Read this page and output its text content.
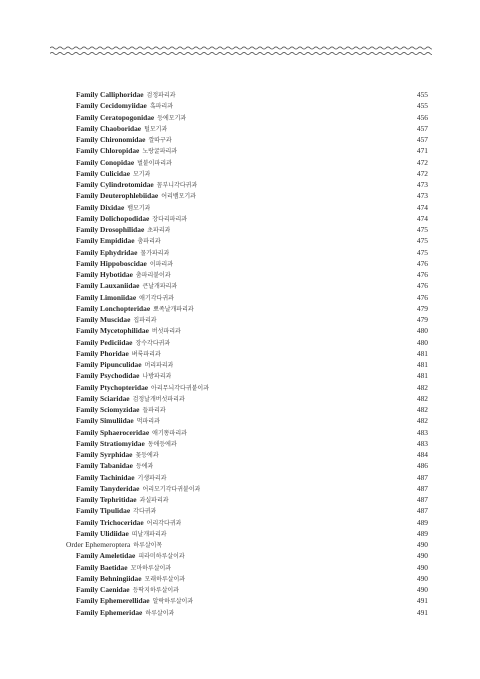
Family Calliphoridae 검정파리과	455
Family Cecidomyiidae 혹파리과	455
Family Ceratopogonidae 등에모기과	456
Family Chaoboridae 털모기과	457
Family Chironomidae 깔따구과	457
Family Chloropidae 노랑굴파리과	471
Family Conopidae 벌붙이파리과	472
Family Culicidae 모기과	472
Family Cylindrotomidae 꼼부니각다귀과	473
Family Deuterophlebiidae 어리뱀모기과	473
Family Dixidae 뱀모기과	474
Family Dolichopodidae 장다리파리과	474
Family Drosophilidae 초파리과	475
Family Empididae 춤파리과	475
Family Ephydridae 물가파리과	475
Family Hippoboscidae 이파리과	476
Family Hybotidae 춤파리붙이과	476
Family Lauxaniidae 큰날개파리과	476
Family Limoniidae 애기각다귀과	476
Family Lonchopteridae 뾰족날개파리과	479
Family Muscidae 집파리과	479
Family Mycetophilidae 버섯파리과	480
Family Pediciidae 장수각다귀과	480
Family Phoridae 벼룩파리과	481
Family Pipunculidae 머리파리과	481
Family Psychodidae 나방파리과	481
Family Ptychopteridae 아리무늬각다귀붙이과	482
Family Sciaridae 검정날개버섯파리과	482
Family Sciomyzidae 들파리과	482
Family Simuliidae 먹파리과	482
Family Sphaeroceridae 애기똥파리과	483
Family Stratiomyidae 동애등에과	483
Family Syrphidae 꽃등에과	484
Family Tabanidae 등에과	486
Family Tachinidae 기생파리과	487
Family Tanyderidae 어리모기각다귀붙이과	487
Family Tephritidae 과실파리과	487
Family Tipulidae 각다귀과	487
Family Trichoceridae 어리각다귀과	489
Family Ulidiidae 띠날개파리과	489
Order Ephemeroptera 하루살이목	490
Family Ameletidae 피라미하루살이과	490
Family Baetidae 꼬마하루살이과	490
Family Behningiidae 모래하루살이과	490
Family Caenidae 등딱지하루살이과	490
Family Ephemerellidae 알락하루살이과	491
Family Ephemeridae 하루살이과	491
